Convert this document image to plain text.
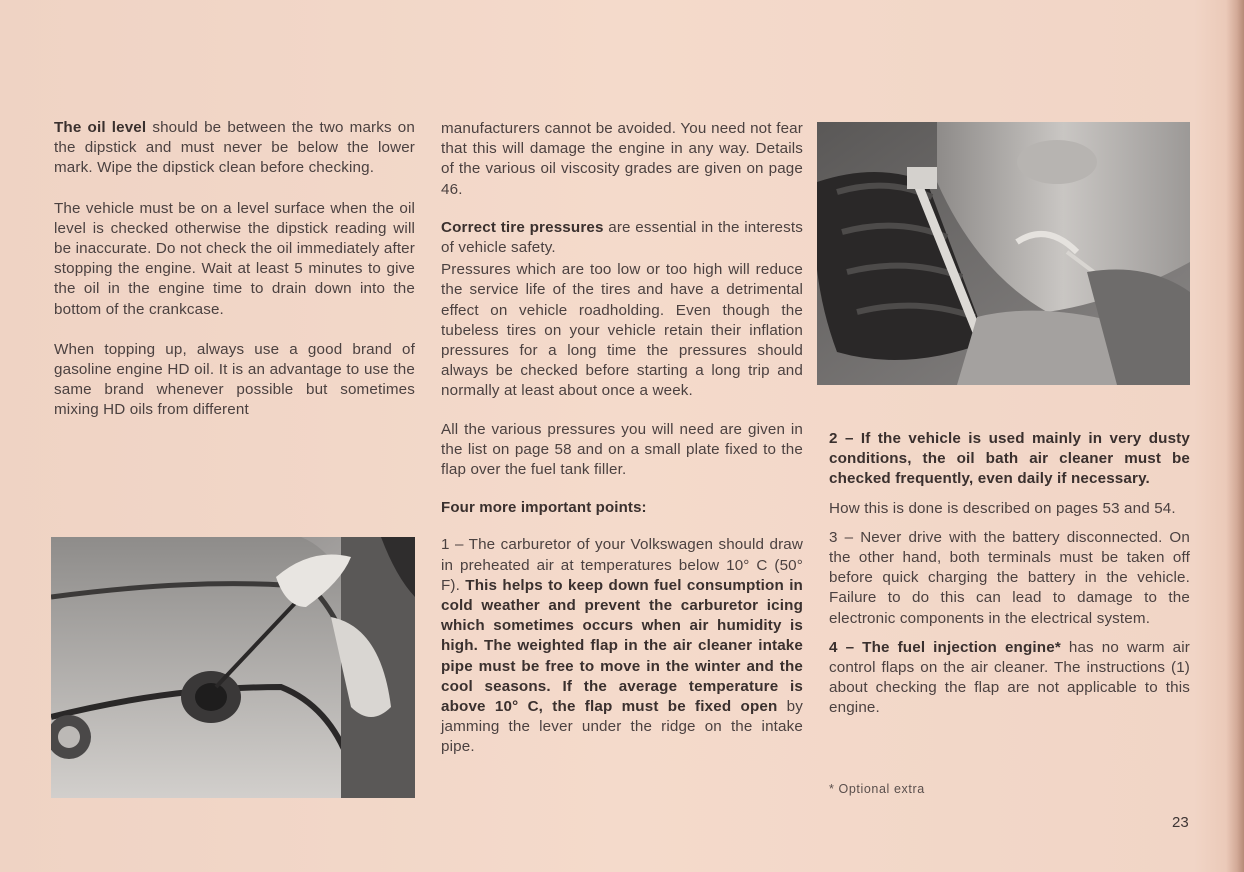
The oil level should be between the two marks on the dipstick and must never be below the lower mark. Wipe the dipstick clean before checking.

The vehicle must be on a level surface when the oil level is checked otherwise the dipstick reading will be inaccurate. Do not check the oil immediately after stopping the engine. Wait at least 5 minutes to give the oil in the engine time to drain down into the bottom of the crankcase.

When topping up, always use a good brand of gasoline engine HD oil. It is an advantage to use the same brand whenever possible but sometimes mixing HD oils from different

manufacturers cannot be avoided. You need not fear that this will damage the engine in any way. Details of the various oil viscosity grades are given on page 46.

Correct tire pressures are essential in the interests of vehicle safety.

Pressures which are too low or too high will reduce the service life of the tires and have a detrimental effect on vehicle roadholding. Even though the tubeless tires on your vehicle retain their inflation pressures for a long time the pressures should always be checked before starting a long trip and normally at least about once a week.

All the various pressures you will need are given in the list on page 58 and on a small plate fixed to the flap over the fuel tank filler.

Four more important points:

1 – The carburetor of your Volkswagen should draw in preheated air at temperatures below 10° C (50° F). This helps to keep down fuel consumption in cold weather and prevent the carburetor icing which sometimes occurs when air humidity is high. The weighted flap in the air cleaner intake pipe must be free to move in the winter and the cool seasons. If the average temperature is above 10° C, the flap must be fixed open by jamming the lever under the ridge on the intake pipe.

2 – If the vehicle is used mainly in very dusty conditions, the oil bath air cleaner must be checked frequently, even daily if necessary.

How this is done is described on pages 53 and 54.

3 – Never drive with the battery disconnected. On the other hand, both terminals must be taken off before quick charging the battery in the vehicle. Failure to do this can lead to damage to the electronic components in the electrical system.

4 – The fuel injection engine* has no warm air control flaps on the air cleaner. The instructions (1) about checking the flap are not applicable to this engine.

* Optional extra
23
